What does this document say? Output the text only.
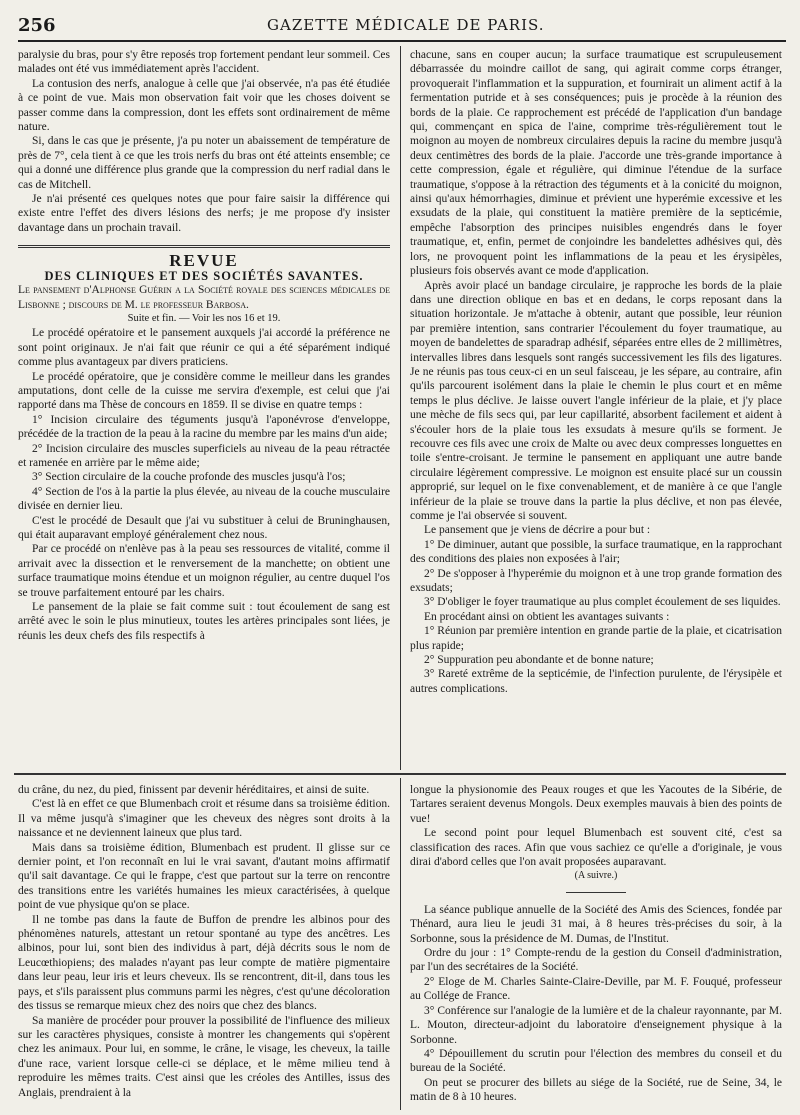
256	GAZETTE MÉDICALE DE PARIS.

paralysie du bras, pour s'y être reposés trop fortement pendant leur sommeil. Ces malades ont été vus immédiatement après l'accident.

La contusion des nerfs, analogue à celle que j'ai observée, n'a pas été étudiée à ce point de vue. Mais mon observation fait voir que les choses doivent se passer comme dans la compression, dont les effets sont ordinairement de même nature.

Si, dans le cas que je présente, j'a pu noter un abaissement de température de près de 7°, cela tient à ce que les trois nerfs du bras ont été atteints ensemble; ce qui a donné une différence plus grande que la compression du nerf radial dans le cas de Mitchell.

Je n'ai présenté ces quelques notes que pour faire saisir la différence qui existe entre l'effet des divers lésions des nerfs; je me propose d'y insister davantage dans un prochain travail.

REVUE

DES CLINIQUES ET DES SOCIÉTÉS SAVANTES.

Le pansement d'Alphonse Guérin a la Société royale des sciences médicales de Lisbonne ; discours de M. le professeur Barbosa.

Suite et fin. — Voir les nos 16 et 19.

Le procédé opératoire et le pansement auxquels j'ai accordé la préférence ne sont point originaux. Je n'ai fait que réunir ce qui a été séparément indiqué comme plus avantageux par divers praticiens.

Le procédé opératoire, que je considère comme le meilleur dans les grandes amputations, dont celle de la cuisse me servira d'exemple, est celui que j'ai rapporté dans ma Thèse de concours en 1859. Il se divise en quatre temps :

1° Incision circulaire des téguments jusqu'à l'aponévrose d'enveloppe, précédée de la traction de la peau à la racine du membre par les mains d'un aide;

2° Incision circulaire des muscles superficiels au niveau de la peau rétractée et ramenée en arrière par le même aide;

3° Section circulaire de la couche profonde des muscles jusqu'à l'os;

4° Section de l'os à la partie la plus élevée, au niveau de la couche musculaire divisée en dernier lieu.

C'est le procédé de Desault que j'ai vu substituer à celui de Bruninghausen, qui était auparavant employé généralement chez nous.

Par ce procédé on n'enlève pas à la peau ses ressources de vitalité, comme il arrivait avec la dissection et le renversement de la manchette; on obtient une surface traumatique moins étendue et un moignon régulier, au centre duquel l'os se trouve parfaitement entouré par les chairs.

Le pansement de la plaie se fait comme suit : tout écoulement de sang est arrêté avec le soin le plus minutieux, toutes les artères principales sont liées, je réunis les deux chefs des fils respectifs à

chacune, sans en couper aucun; la surface traumatique est scrupuleusement débarrassée du moindre caillot de sang, qui agirait comme corps étranger, provoquerait l'inflammation et la suppuration, et fournirait un aliment actif à la fermentation putride et à ses conséquences; puis je procède à la réunion des bords de la plaie. Ce rapprochement est précédé de l'application d'un bandage qui, commençant en spica de l'aine, comprime très-régulièrement tout le moignon au moyen de nombreux circulaires depuis la racine du membre jusqu'à deux centimètres des bords de la plaie. J'accorde une très-grande importance à cette compression, égale et régulière, qui diminue l'étendue de la surface traumatique, s'oppose à la rétraction des téguments et à la conicité du moignon, ainsi qu'aux hémorrhagies, diminue et prévient une hyperémie excessive et les exsudats de la plaie, qui constituent la matière première de la septicémie, empêche l'absorption des principes nuisibles engendrés dans le foyer traumatique, et, enfin, permet de conjoindre les bandelettes adhésives qui, dès lors, ne provoquent point les inflammations de la peau et les érysipèles, plusieurs fois observés avant ce mode d'application.

Après avoir placé un bandage circulaire, je rapproche les bords de la plaie dans une direction oblique en bas et en dedans, le corps reposant dans la situation horizontale. Je m'attache à obtenir, autant que possible, leur réunion par première intention, sans contrarier l'écoulement du foyer traumatique, au moyen de bandelettes de sparadrap adhésif, séparées entre elles de 2 millimètres, intervalles libres dans lesquels sont rangés successivement les fils des ligatures. Je ne réunis pas tous ceux-ci en un seul faisceau, je les sépare, au contraire, afin qu'ils parcourent isolément dans la plaie le chemin le plus court et en même temps le plus déclive. Je laisse ouvert l'angle inférieur de la plaie, et j'y place une mèche de fils secs qui, par leur capillarité, absorbent facilement et aident à s'écouler hors de la plaie tous les exsudats à mesure qu'ils se forment. Je recouvre ces fils avec une croix de Malte ou avec deux compresses longuettes en toile s'entre-croisant. Je termine le pansement en appliquant une autre bande circulaire légèrement compressive. Le moignon est ensuite placé sur un coussin approprié, sur lequel on le fixe convenablement, et de manière à ce que l'angle inférieur de la plaie se trouve dans la partie la plus déclive, et non pas élevée, comme je l'ai observée si souvent.

Le pansement que je viens de décrire a pour but :

1° De diminuer, autant que possible, la surface traumatique, en la rapprochant des conditions des plaies non exposées à l'air;

2° De s'opposer à l'hyperémie du moignon et à une trop grande formation des exsudats;

3° D'obliger le foyer traumatique au plus complet écoulement de ses liquides.

En procédant ainsi on obtient les avantages suivants :

1° Réunion par première intention en grande partie de la plaie, et cicatrisation plus rapide;

2° Suppuration peu abondante et de bonne nature;

3° Rareté extrême de la septicémie, de l'infection purulente, de l'érysipèle et autres complications.

du crâne, du nez, du pied, finissent par devenir héréditaires, et ainsi de suite.

C'est là en effet ce que Blumenbach croit et résume dans sa troisième édition. Il va même jusqu'à s'imaginer que les cheveux des nègres sont droits à la naissance et ne deviennent laineux que plus tard.

Mais dans sa troisième édition, Blumenbach est prudent. Il glisse sur ce dernier point, et l'on reconnaît en lui le vrai savant, d'autant moins affirmatif qu'il sait davantage. Ce qui le frappe, c'est que partout sur la terre on rencontre des transitions entre les variétés humaines les mieux caractérisées, à quelque point de vue physique qu'on se place.

Il ne tombe pas dans la faute de Buffon de prendre les albinos pour des phénomènes naturels, attestant un retour spontané au type des ancêtres. Les albinos, pour lui, sont bien des individus à part, déjà décrits sous le nom de Leucœthiopiens; des malades n'ayant pas leur compte de matière pigmentaire dans leur peau, leur iris et leurs cheveux. Ils se rencontrent, dit-il, dans tous les pays, et s'ils paraissent plus communs parmi les nègres, c'est qu'une décoloration des tissus se remarque mieux chez des noirs que chez des blancs.

Sa manière de procéder pour prouver la possibilité de l'influence des milieux sur les caractères physiques, consiste à montrer les changements qui s'opèrent chez les animaux. Pour lui, en somme, le crâne, le visage, les cheveux, la taille d'une race, varient lorsque celle-ci se déplace, et le même milieu tend à reproduire les mêmes traits. C'est ainsi que les créoles des Antilles, issus des Anglais, prendraient à la

longue la physionomie des Peaux rouges et que les Yacoutes de la Sibérie, de Tartares seraient devenus Mongols. Deux exemples mauvais à bien des points de vue!

Le second point pour lequel Blumenbach est souvent cité, c'est sa classification des races. Afin que vous sachiez ce qu'elle a d'originale, je vous dirai d'abord celles que l'on avait proposées auparavant.

(A suivre.)

La séance publique annuelle de la Société des Amis des Sciences, fondée par Thénard, aura lieu le jeudi 31 mai, à 8 heures très-précises du soir, à la Sorbonne, sous la présidence de M. Dumas, de l'Institut.

Ordre du jour : 1° Compte-rendu de la gestion du Conseil d'administration, par l'un des secrétaires de la Société.

2° Eloge de M. Charles Sainte-Claire-Deville, par M. F. Fouqué, professeur au Collége de France.

3° Conférence sur l'analogie de la lumière et de la chaleur rayonnante, par M. L. Mouton, directeur-adjoint du laboratoire d'enseignement physique à la Sorbonne.

4° Dépouillement du scrutin pour l'élection des membres du conseil et du bureau de la Société.

On peut se procurer des billets au siége de la Société, rue de Seine, 34, le matin de 8 à 10 heures.
